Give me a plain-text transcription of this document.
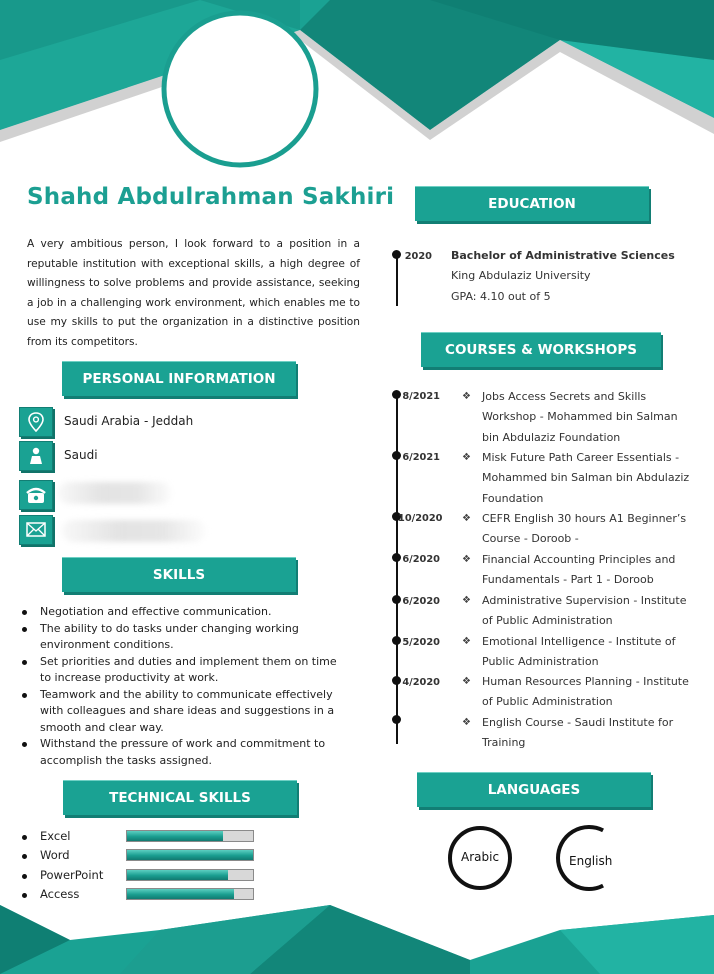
Shahd Abdulrahman Sakhiri
A very ambitious person, I look forward to a position in a reputable institution with exceptional skills, a high degree of willingness to solve problems and provide assistance, seeking a job in a challenging work environment, which enables me to use my skills to put the organization in a distinctive position from its competitors.
PERSONAL INFORMATION
Saudi Arabia - Jeddah
Saudi
SKILLS
Negotiation and effective communication.
The ability to do tasks under changing working environment conditions.
Set priorities and duties and implement them on time to increase productivity at work.
Teamwork and the ability to communicate effectively with colleagues and share ideas and suggestions in a smooth and clear way.
Withstand the pressure of work and commitment to accomplish the tasks assigned.
TECHNICAL SKILLS
Excel
Word
PowerPoint
Access
EDUCATION
2020 Bachelor of Administrative Sciences
King Abdulaziz University
GPA: 4.10 out of 5
COURSES & WORKSHOPS
8/2021 ❖	Jobs Access Secrets and Skills Workshop - Mohammed bin Salman bin Abdulaziz Foundation
6/2021 ❖	Misk Future Path Career Essentials - Mohammed bin Salman bin Abdulaziz Foundation
10/2020 ❖	CEFR English 30 hours A1 Beginner’s Course - Doroob -
6/2020 ❖	Financial Accounting Principles and Fundamentals - Part 1 - Doroob
6/2020 ❖	Administrative Supervision - Institute of Public Administration
5/2020 ❖	Emotional Intelligence - Institute of Public Administration
4/2020 ❖	Human Resources Planning - Institute of Public Administration
❖	English Course - Saudi Institute for Training
LANGUAGES
Arabic	English
